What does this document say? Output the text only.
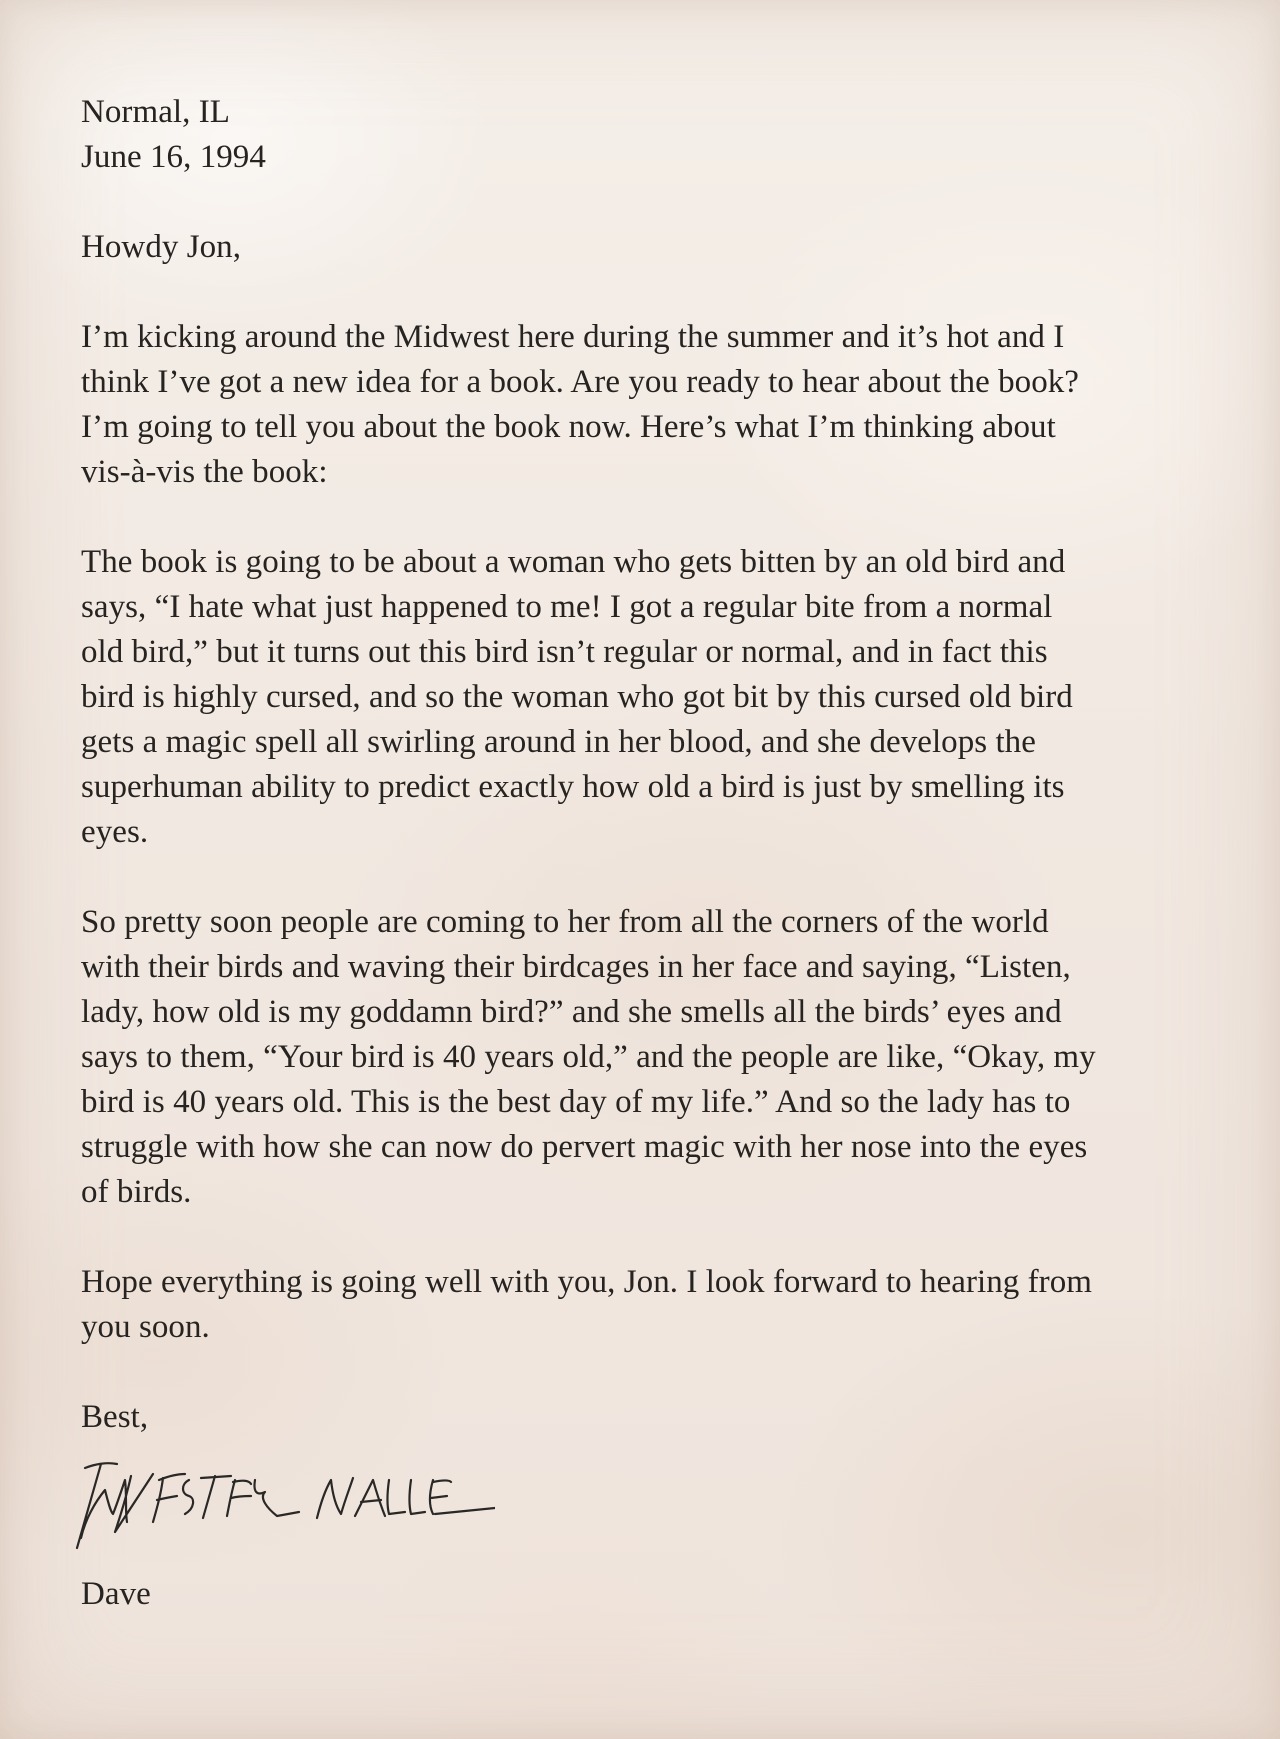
Normal, IL
June 16, 1994

Howdy Jon,

I’m kicking around the Midwest here during the summer and it’s hot and I
think I’ve got a new idea for a book. Are you ready to hear about the book?
I’m going to tell you about the book now. Here’s what I’m thinking about
vis-à-vis the book:

The book is going to be about a woman who gets bitten by an old bird and
says, “I hate what just happened to me! I got a regular bite from a normal
old bird,” but it turns out this bird isn’t regular or normal, and in fact this
bird is highly cursed, and so the woman who got bit by this cursed old bird
gets a magic spell all swirling around in her blood, and she develops the
superhuman ability to predict exactly how old a bird is just by smelling its
eyes.

So pretty soon people are coming to her from all the corners of the world
with their birds and waving their birdcages in her face and saying, “Listen,
lady, how old is my goddamn bird?” and she smells all the birds’ eyes and
says to them, “Your bird is 40 years old,” and the people are like, “Okay, my
bird is 40 years old. This is the best day of my life.” And so the lady has to
struggle with how she can now do pervert magic with her nose into the eyes
of birds.

Hope everything is going well with you, Jon. I look forward to hearing from
you soon.

Best,

Dave
